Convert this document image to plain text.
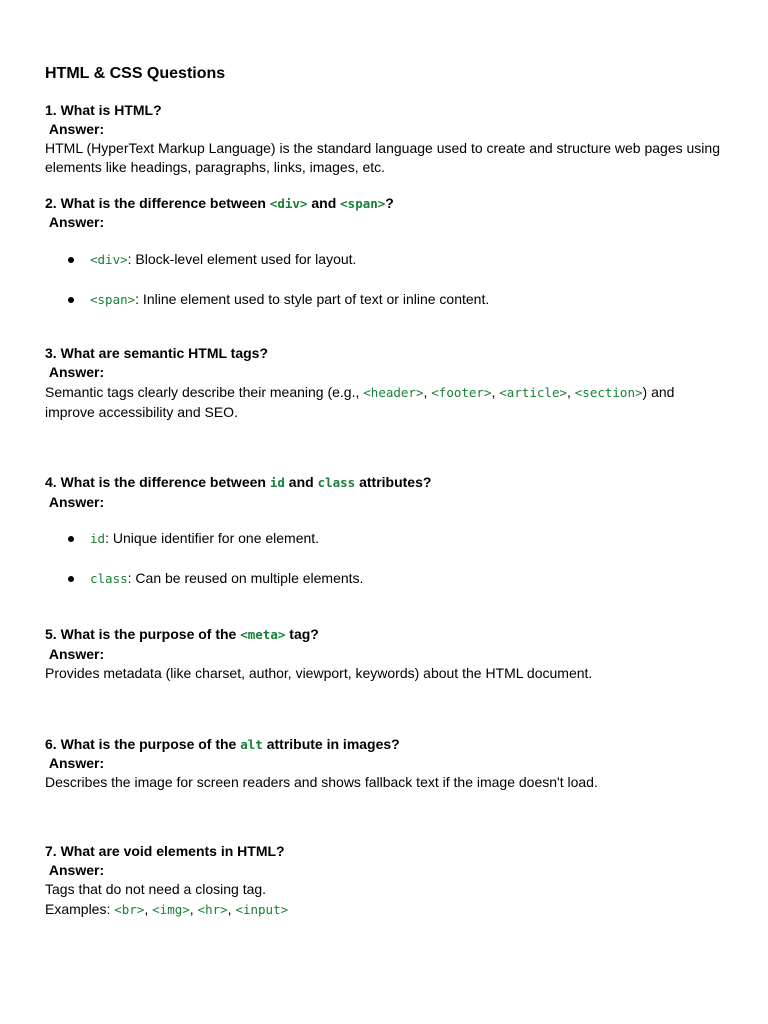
HTML & CSS Questions
1. What is HTML?
Answer:
HTML (HyperText Markup Language) is the standard language used to create and structure web pages using
elements like headings, paragraphs, links, images, etc.
2. What is the difference between <div> and <span>?
Answer:
<div>: Block-level element used for layout.
<span>: Inline element used to style part of text or inline content.
3. What are semantic HTML tags?
Answer:
Semantic tags clearly describe their meaning (e.g., <header>, <footer>, <article>, <section>) and
improve accessibility and SEO.
4. What is the difference between id and class attributes?
Answer:
id: Unique identifier for one element.
class: Can be reused on multiple elements.
5. What is the purpose of the <meta> tag?
Answer:
Provides metadata (like charset, author, viewport, keywords) about the HTML document.
6. What is the purpose of the alt attribute in images?
Answer:
Describes the image for screen readers and shows fallback text if the image doesn't load.
7. What are void elements in HTML?
Answer:
Tags that do not need a closing tag.
Examples: <br>, <img>, <hr>, <input>
